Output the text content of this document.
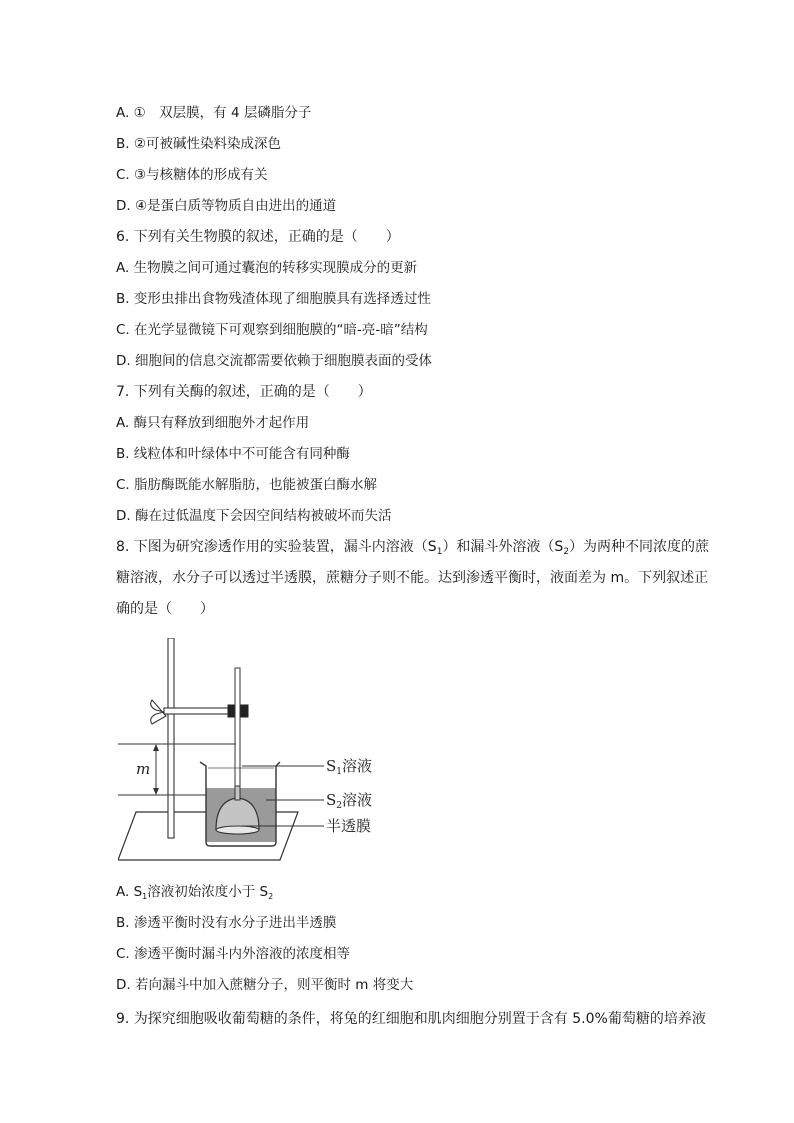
A. ①　双层膜，有 4 层磷脂分子
B. ②可被碱性染料染成深色
C. ③与核糖体的形成有关
D. ④是蛋白质等物质自由进出的通道
6. 下列有关生物膜的叙述，正确的是（　　）
A. 生物膜之间可通过囊泡的转移实现膜成分的更新
B. 变形虫排出食物残渣体现了细胞膜具有选择透过性
C. 在光学显微镜下可观察到细胞膜的“暗-亮-暗”结构
D. 细胞间的信息交流都需要依赖于细胞膜表面的受体
7. 下列有关酶的叙述，正确的是（　　）
A. 酶只有释放到细胞外才起作用
B. 线粒体和叶绿体中不可能含有同种酶
C. 脂肪酶既能水解脂肪，也能被蛋白酶水解
D. 酶在过低温度下会因空间结构被破坏而失活
8. 下图为研究渗透作用的实验装置，漏斗内溶液$(S_1)$和漏斗外溶液$(S_2)$为两种不同浓度的蔗
糖溶液，水分子可以透过半透膜，蔗糖分子则不能。达到渗透平衡时，液面差为 m。下列叙述正
确的是（　　）
m	$S_1$溶液
$S_2$溶液
半透膜
A. $S_1$溶液初始浓度小于 $S_2$
B. 渗透平衡时没有水分子进出半透膜
C. 渗透平衡时漏斗内外溶液的浓度相等
D. 若向漏斗中加入蔗糖分子，则平衡时 m 将变大
9. 为探究细胞吸收葡萄糖的条件，将兔的红细胞和肌肉细胞分别置于含有 5.0%葡萄糖的培养液
